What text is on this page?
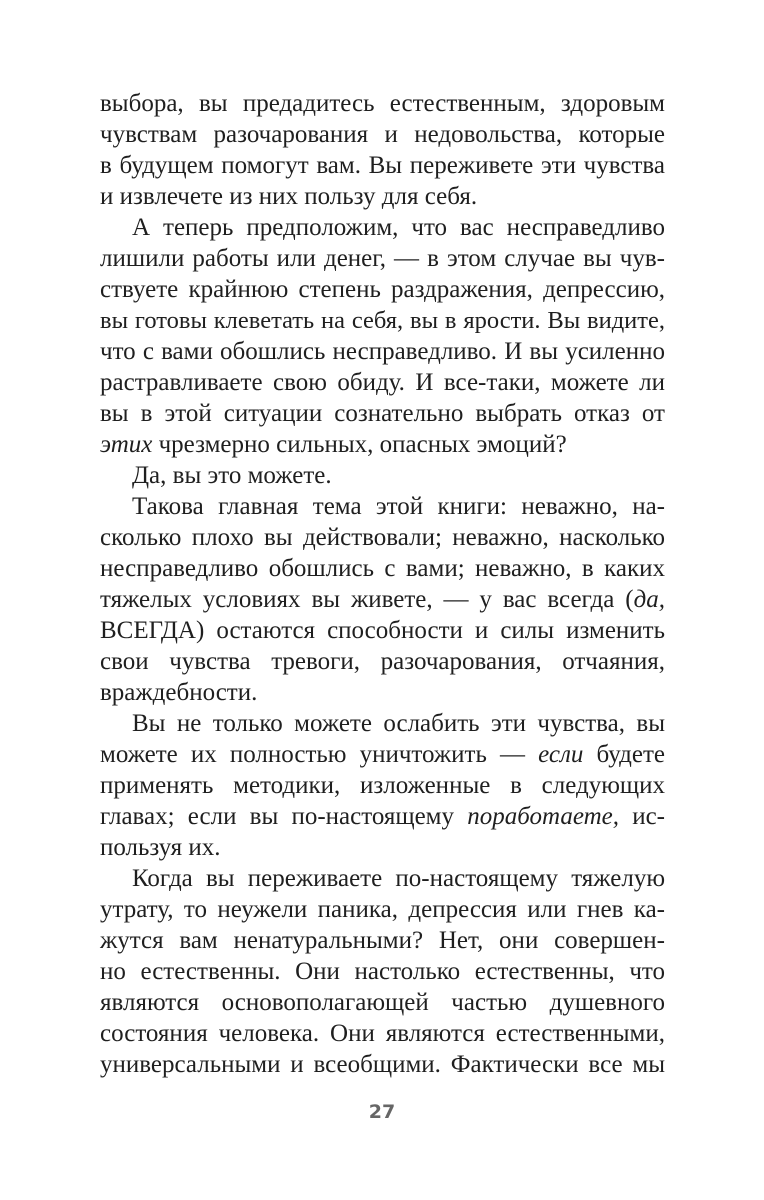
выбора, вы предадитесь естественным, здоровым
чувствам разочарования и недовольства, которые
в будущем помогут вам. Вы переживете эти чувства
и извлечете из них пользу для себя.
А теперь предположим, что вас несправедливо
лишили работы или денег, — в этом случае вы чув-
ствуете крайнюю степень раздражения, депрессию,
вы готовы клеветать на себя, вы в ярости. Вы видите,
что с вами обошлись несправедливо. И вы усиленно
растравливаете свою обиду. И все-таки, можете ли
вы в этой ситуации сознательно выбрать отказ от
этих чрезмерно сильных, опасных эмоций?
Да, вы это можете.
Такова главная тема этой книги: неважно, на-
сколько плохо вы действовали; неважно, насколько
несправедливо обошлись с вами; неважно, в каких
тяжелых условиях вы живете, — у вас всегда (да,
ВСЕГДА) остаются способности и силы изменить
свои чувства тревоги, разочарования, отчаяния,
враждебности.
Вы не только можете ослабить эти чувства, вы
можете их полностью уничтожить — если будете
применять методики, изложенные в следующих
главах; если вы по-настоящему поработаете, ис-
пользуя их.
Когда вы переживаете по-настоящему тяжелую
утрату, то неужели паника, депрессия или гнев ка-
жутся вам ненатуральными? Нет, они совершен-
но естественны. Они настолько естественны, что
являются основополагающей частью душевного
состояния человека. Они являются естественными,
универсальными и всеобщими. Фактически все мы
27
